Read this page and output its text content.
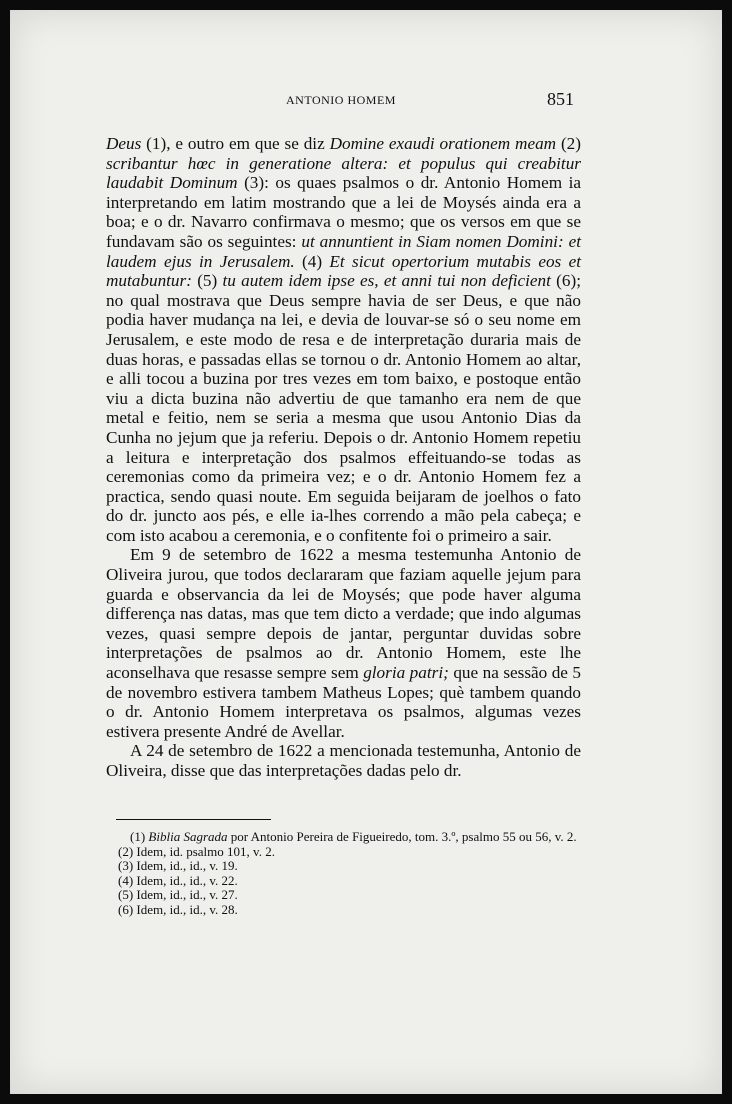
ANTONIO HOMEM	851

Deus (1), e outro em que se diz Domine exaudi orationem meam (2) scribantur hœc in generatione altera: et populus qui creabitur laudabit Dominum (3): os quaes psalmos o dr. Antonio Homem ia interpretando em latim mostrando que a lei de Moysés ainda era a boa; e o dr. Navarro confirmava o mesmo; que os versos em que se fundavam são os seguintes: ut annuntient in Siam nomen Domini: et laudem ejus in Jerusalem. (4) Et sicut opertorium mutabis eos et mutabuntur: (5) tu autem idem ipse es, et anni tui non deficient (6); no qual mostrava que Deus sempre havia de ser Deus, e que não podia haver mudança na lei, e devia de louvar-se só o seu nome em Jerusalem, e este modo de resa e de interpretação duraria mais de duas horas, e passadas ellas se tornou o dr. Antonio Homem ao altar, e alli tocou a buzina por tres vezes em tom baixo, e postoque então viu a dicta buzina não advertiu de que tamanho era nem de que metal e feitio, nem se seria a mesma que usou Antonio Dias da Cunha no jejum que ja referiu. Depois o dr. Antonio Homem repetiu a leitura e interpretação dos psalmos effeituando-se todas as ceremonias como da primeira vez; e o dr. Antonio Homem fez a practica, sendo quasi noute. Em seguida beijaram de joelhos o fato do dr. juncto aos pés, e elle ia-lhes correndo a mão pela cabeça; e com isto acabou a ceremonia, e o confitente foi o primeiro a sair.

Em 9 de setembro de 1622 a mesma testemunha Antonio de Oliveira jurou, que todos declararam que faziam aquelle jejum para guarda e observancia da lei de Moysés; que pode haver alguma differença nas datas, mas que tem dicto a verdade; que indo algumas vezes, quasi sempre depois de jantar, perguntar duvidas sobre interpretações de psalmos ao dr. Antonio Homem, este lhe aconselhava que resasse sempre sem gloria patri; que na sessão de 5 de novembro estivera tambem Matheus Lopes; què tambem quando o dr. Antonio Homem interpretava os psalmos, algumas vezes estivera presente André de Avellar.

A 24 de setembro de 1622 a mencionada testemunha, Antonio de Oliveira, disse que das interpretações dadas pelo dr.

(1) Biblia Sagrada por Antonio Pereira de Figueiredo, tom. 3.º, psalmo 55 ou 56, v. 2.
(2) Idem, id. psalmo 101, v. 2.
(3) Idem, id., id., v. 19.
(4) Idem, id., id., v. 22.
(5) Idem, id., id., v. 27.
(6) Idem, id., id., v. 28.
